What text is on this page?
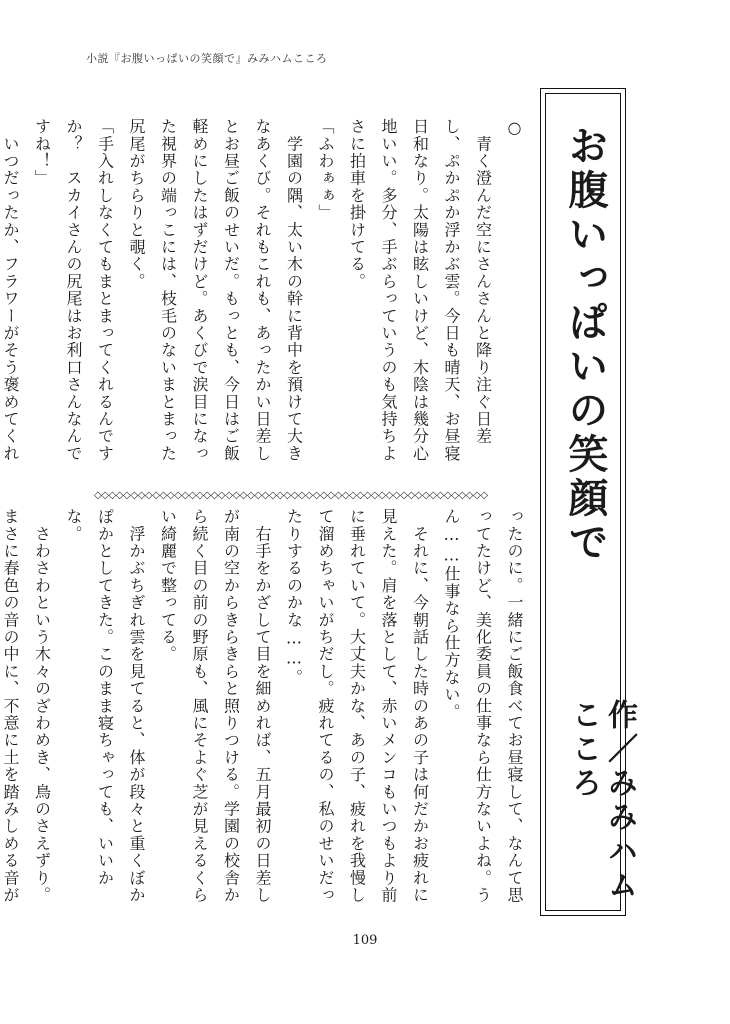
小説『お腹いっぱいの笑顔で』みみハムこころ
お腹いっぱいの笑顔で
作／みみハムこころ

○

　青く澄んだ空にさんさんと降り注ぐ日差し、ぷかぷか浮かぶ雲。今日も晴天、お昼寝日和なり。太陽は眩しいけど、木陰は幾分心地いい。多分、手ぶらっていうのも気持ちよさに拍車を掛けてる。

「ふわぁぁ」

　学園の隅、太い木の幹に背中を預けて大きなあくび。それもこれも、あったかい日差しとお昼ご飯のせいだ。もっとも、今日はご飯軽めにしたはずだけど。あくびで涙目になった視界の端っこには、枝毛のないまとまった尻尾がちらりと覗く。

「手入れしなくてもまとまってくれるんですか？　スカイさんの尻尾はお利口さんなんですね！」

　いつだったか、フラワーがそう褒めてくれ

◇◇◇◇◇◇◇◇◇◇◇◇◇◇◇◇◇◇◇◇◇◇◇◇◇◇◇◇◇◇◇◇◇◇◇◇◇◇◇◇◇◇◇◇◇◇◇◇◇◇◇◇◇◇

ったのに。一緒にご飯食べてお昼寝して、なんて思ってたけど、美化委員の仕事なら仕方ないよね。うん……仕事なら仕方ない。

　それに、今朝話した時のあの子は何だかお疲れに見えた。肩を落として、赤いメンコもいつもより前に垂れていて。大丈夫かな、あの子、疲れを我慢して溜めちゃいがちだし。疲れてるの、私のせいだったりするのかな……。

　右手をかざして目を細めれば、五月最初の日差しが南の空からきらきらと照りつける。学園の校舎から続く目の前の野原も、風にそよぐ芝が見えるくらい綺麗で整ってる。

　浮かぶちぎれ雲を見てると、体が段々と重くぼかぽかとしてきた。このまま寝ちゃっても、いいかな。

　さわさわという木々のざわめき、鳥のさえずり。まさに春色の音の中に、不意に土を踏みしめる音が

109
